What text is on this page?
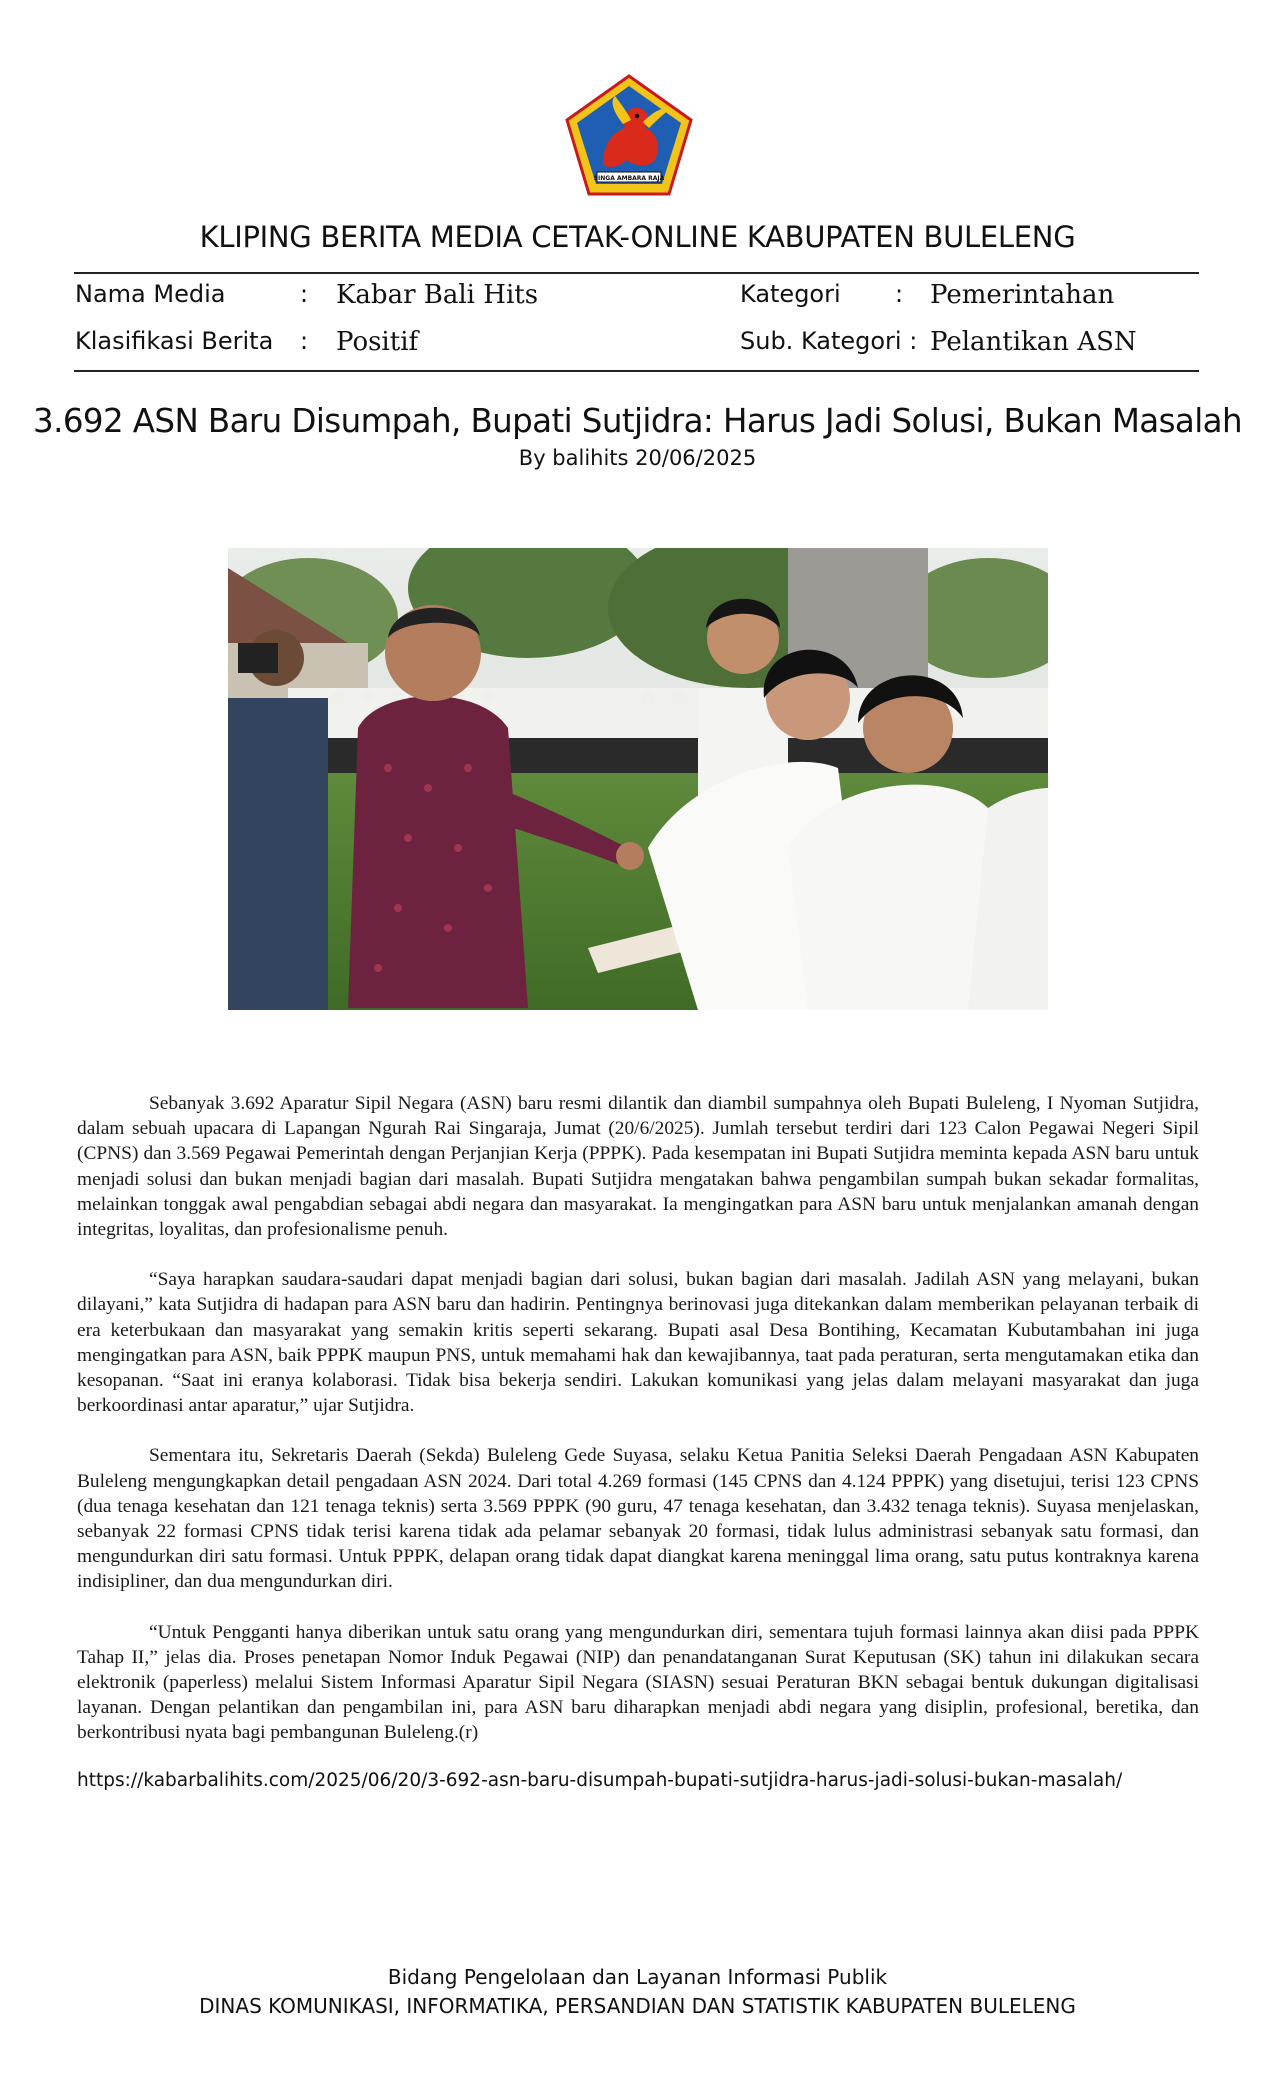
SINGA AMBARA RAJA
KLIPING BERITA MEDIA CETAK-ONLINE KABUPATEN BULELENG
Nama Media	: Kabar Bali Hits	Kategori : Pemerintahan
Klasifikasi Berita : Positif	Sub. Kategori : Pelantikan ASN
3.692 ASN Baru Disumpah, Bupati Sutjidra: Harus Jadi Solusi, Bukan Masalah
By balihits 20/06/2025

Sebanyak 3.692 Aparatur Sipil Negara (ASN) baru resmi dilantik dan diambil sumpahnya oleh Bupati Buleleng, I Nyoman Sutjidra, dalam sebuah upacara di Lapangan Ngurah Rai Singaraja, Jumat (20/6/2025). Jumlah tersebut terdiri dari 123 Calon Pegawai Negeri Sipil (CPNS) dan 3.569 Pegawai Pemerintah dengan Perjanjian Kerja (PPPK). Pada kesempatan ini Bupati Sutjidra meminta kepada ASN baru untuk menjadi solusi dan bukan menjadi bagian dari masalah. Bupati Sutjidra mengatakan bahwa pengambilan sumpah bukan sekadar formalitas, melainkan tonggak awal pengabdian sebagai abdi negara dan masyarakat. Ia mengingatkan para ASN baru untuk menjalankan amanah dengan integritas, loyalitas, dan profesionalisme penuh.

“Saya harapkan saudara-saudari dapat menjadi bagian dari solusi, bukan bagian dari masalah. Jadilah ASN yang melayani, bukan dilayani,” kata Sutjidra di hadapan para ASN baru dan hadirin. Pentingnya berinovasi juga ditekankan dalam memberikan pelayanan terbaik di era keterbukaan dan masyarakat yang semakin kritis seperti sekarang. Bupati asal Desa Bontihing, Kecamatan Kubutambahan ini juga mengingatkan para ASN, baik PPPK maupun PNS, untuk memahami hak dan kewajibannya, taat pada peraturan, serta mengutamakan etika dan kesopanan. “Saat ini eranya kolaborasi. Tidak bisa bekerja sendiri. Lakukan komunikasi yang jelas dalam melayani masyarakat dan juga berkoordinasi antar aparatur,” ujar Sutjidra.

Sementara itu, Sekretaris Daerah (Sekda) Buleleng Gede Suyasa, selaku Ketua Panitia Seleksi Daerah Pengadaan ASN Kabupaten Buleleng mengungkapkan detail pengadaan ASN 2024. Dari total 4.269 formasi (145 CPNS dan 4.124 PPPK) yang disetujui, terisi 123 CPNS (dua tenaga kesehatan dan 121 tenaga teknis) serta 3.569 PPPK (90 guru, 47 tenaga kesehatan, dan 3.432 tenaga teknis). Suyasa menjelaskan, sebanyak 22 formasi CPNS tidak terisi karena tidak ada pelamar sebanyak 20 formasi, tidak lulus administrasi sebanyak satu formasi, dan mengundurkan diri satu formasi. Untuk PPPK, delapan orang tidak dapat diangkat karena meninggal lima orang, satu putus kontraknya karena indisipliner, dan dua mengundurkan diri.

“Untuk Pengganti hanya diberikan untuk satu orang yang mengundurkan diri, sementara tujuh formasi lainnya akan diisi pada PPPK Tahap II,” jelas dia. Proses penetapan Nomor Induk Pegawai (NIP) dan penandatanganan Surat Keputusan (SK) tahun ini dilakukan secara elektronik (paperless) melalui Sistem Informasi Aparatur Sipil Negara (SIASN) sesuai Peraturan BKN sebagai bentuk dukungan digitalisasi layanan. Dengan pelantikan dan pengambilan ini, para ASN baru diharapkan menjadi abdi negara yang disiplin, profesional, beretika, dan berkontribusi nyata bagi pembangunan Buleleng.(r)

https://kabarbalihits.com/2025/06/20/3-692-asn-baru-disumpah-bupati-sutjidra-harus-jadi-solusi-bukan-masalah/
Bidang Pengelolaan dan Layanan Informasi Publik
DINAS KOMUNIKASI, INFORMATIKA, PERSANDIAN DAN STATISTIK KABUPATEN BULELENG
